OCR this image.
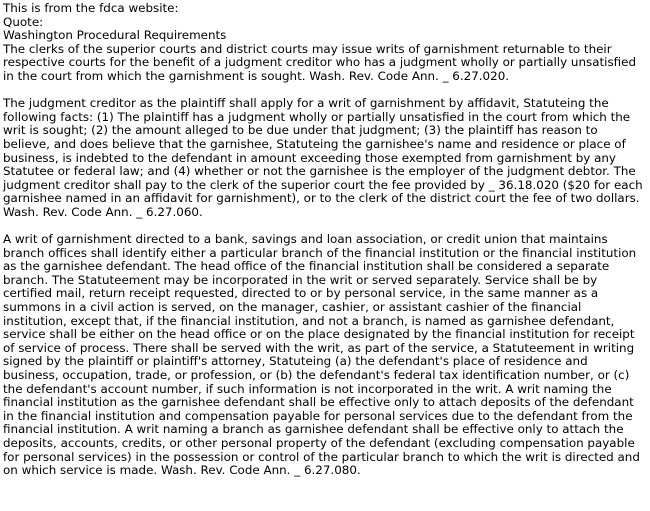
This is from the fdca website:
Quote:
Washington Procedural Requirements

The clerks of the superior courts and district courts may issue writs of garnishment returnable to their respective courts for the benefit of a judgment creditor who has a judgment wholly or partially unsatisfied in the court from which the garnishment is sought. Wash. Rev. Code Ann. _ 6.27.020.

The judgment creditor as the plaintiff shall apply for a writ of garnishment by affidavit, Statuteing the following facts: (1) The plaintiff has a judgment wholly or partially unsatisfied in the court from which the writ is sought; (2) the amount alleged to be due under that judgment; (3) the plaintiff has reason to believe, and does believe that the garnishee, Statuteing the garnishee's name and residence or place of business, is indebted to the defendant in amount exceeding those exempted from garnishment by any Statutee or federal law; and (4) whether or not the garnishee is the employer of the judgment debtor. The judgment creditor shall pay to the clerk of the superior court the fee provided by _ 36.18.020 ($20 for each garnishee named in an affidavit for garnishment), or to the clerk of the district court the fee of two dollars. Wash. Rev. Code Ann. _ 6.27.060.

A writ of garnishment directed to a bank, savings and loan association, or credit union that maintains branch offices shall identify either a particular branch of the financial institution or the financial institution as the garnishee defendant. The head office of the financial institution shall be considered a separate branch. The Statuteement may be incorporated in the writ or served separately. Service shall be by certified mail, return receipt requested, directed to or by personal service, in the same manner as a summons in a civil action is served, on the manager, cashier, or assistant cashier of the financial institution, except that, if the financial institution, and not a branch, is named as garnishee defendant, service shall be either on the head office or on the place designated by the financial institution for receipt of service of process. There shall be served with the writ, as part of the service, a Statuteement in writing signed by the plaintiff or plaintiff's attorney, Statuteing (a) the defendant's place of residence and business, occupation, trade, or profession, or (b) the defendant's federal tax identification number, or (c) the defendant's account number, if such information is not incorporated in the writ. A writ naming the financial institution as the garnishee defendant shall be effective only to attach deposits of the defendant in the financial institution and compensation payable for personal services due to the defendant from the financial institution. A writ naming a branch as garnishee defendant shall be effective only to attach the deposits, accounts, credits, or other personal property of the defendant (excluding compensation payable for personal services) in the possession or control of the particular branch to which the writ is directed and on which service is made. Wash. Rev. Code Ann. _ 6.27.080.
